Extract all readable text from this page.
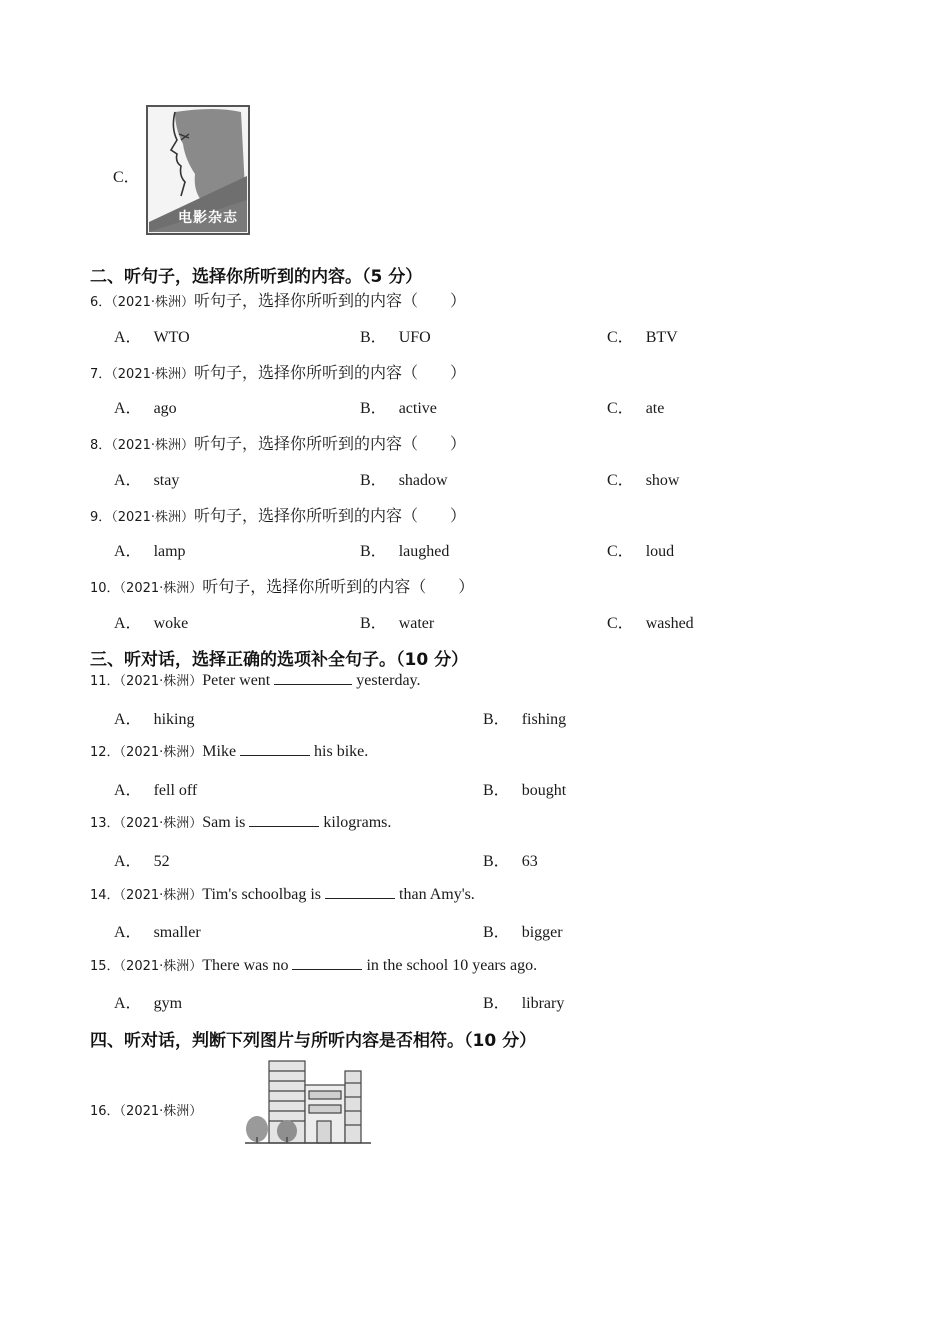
C．
电影杂志
二、听句子，选择你所听到的内容。（5 分）
6．（2021·株洲）听句子，选择你所听到的内容（　　）
A． WTO	B． UFO	C． BTV
7．（2021·株洲）听句子，选择你所听到的内容（　　）
A． ago	B． active	C． ate
8．（2021·株洲）听句子，选择你所听到的内容（　　）
A． stay	B． shadow	C． show
9．（2021·株洲）听句子，选择你所听到的内容（　　）
A． lamp	B． laughed	C． loud
10．（2021·株洲）听句子，选择你所听到的内容（　　）
A． woke	B． water	C． washed
三、听对话，选择正确的选项补全句子。（10 分）
11．（2021·株洲）Peter went	yesterday.
A． hiking	B． fishing
12．（2021·株洲）Mike	his bike.
A． fell off	B． bought
13．（2021·株洲）Sam is	kilograms.
A． 52	B． 63
14．（2021·株洲）Tim's schoolbag is	than Amy's.
A． smaller	B． bigger
15．（2021·株洲）There was no	in the school 10 years ago.
A． gym	B． library
四、听对话，判断下列图片与所听内容是否相符。（10 分）
16．（2021·株洲）
